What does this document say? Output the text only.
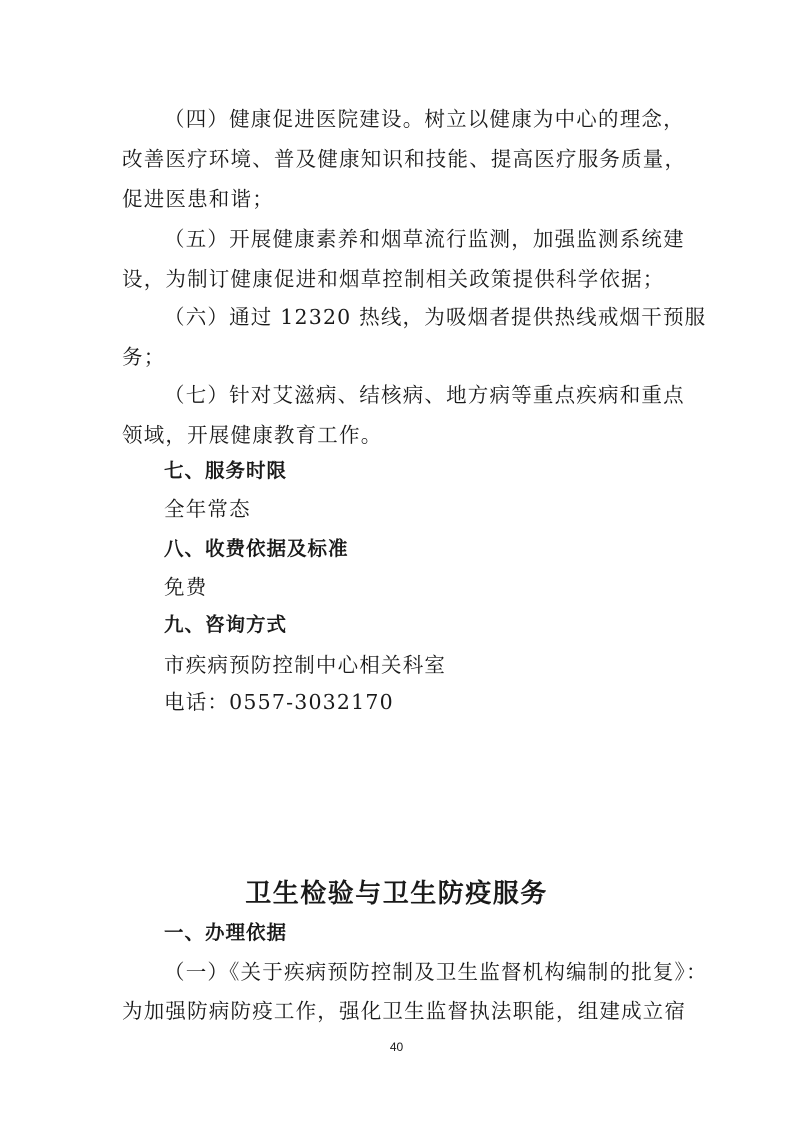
（四）健康促进医院建设。树立以健康为中心的理念，
改善医疗环境、普及健康知识和技能、提高医疗服务质量，
促进医患和谐；
（五）开展健康素养和烟草流行监测，加强监测系统建
设，为制订健康促进和烟草控制相关政策提供科学依据；
（六）通过 12320 热线，为吸烟者提供热线戒烟干预服
务；
（七）针对艾滋病、结核病、地方病等重点疾病和重点
领域，开展健康教育工作。
七、服务时限
全年常态
八、收费依据及标准
免费
九、咨询方式
市疾病预防控制中心相关科室
电话：0557-3032170
卫生检验与卫生防疫服务
一、办理依据
（一）《关于疾病预防控制及卫生监督机构编制的批复》：
为加强防病防疫工作，强化卫生监督执法职能，组建成立宿
40
